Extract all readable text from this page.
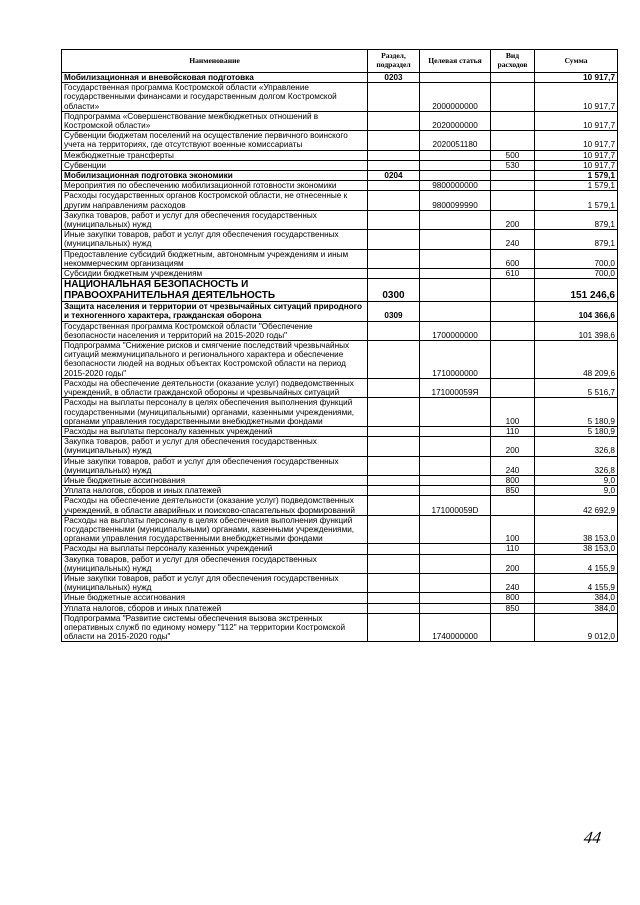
Наименование	Раздел, подраздел	Целевая статья	Вид расходов	Сумма
Мобилизационная и вневойсковая подготовка	0203			10 917,7
Государственная программа Костромской области «Управление государственными финансами и государственным долгом Костромской области»		2000000000		10 917,7
Подпрограмма «Совершенствование межбюджетных отношений в Костромской области»		2020000000		10 917,7
Субвенции бюджетам поселений на осуществление первичного воинского учета на территориях, где отсутствуют военные комиссариаты		2020051180		10 917,7
Межбюджетные трансферты			500	10 917,7
Субвенции			530	10 917,7
Мобилизационная подготовка экономики	0204			1 579,1
Мероприятия по обеспечению мобилизационной готовности экономики		9800000000		1 579,1
Расходы государственных органов Костромской области, не отнесенные к другим направлениям расходов		9800099990		1 579,1
Закупка товаров, работ и услуг для обеспечения государственных (муниципальных) нужд			200	879,1
Иные закупки товаров, работ и услуг для обеспечения государственных (муниципальных) нужд			240	879,1
Предоставление субсидий бюджетным, автономным учреждениям и иным некоммерческим организациям			600	700,0
Субсидии бюджетным учреждениям			610	700,0
НАЦИОНАЛЬНАЯ БЕЗОПАСНОСТЬ И ПРАВООХРАНИТЕЛЬНАЯ ДЕЯТЕЛЬНОСТЬ	0300			151 246,6
Защита населения и территории от чрезвычайных ситуаций природного и техногенного характера, гражданская оборона	0309			104 366,6
Государственная программа Костромской области "Обеспечение безопасности населения и территорий на 2015-2020 годы"		1700000000		101 398,6
Подпрограмма "Снижение рисков и смягчение последствий чрезвычайных ситуаций межмуниципального и регионального характера и обеспечение безопасности людей на водных объектах Костромской области на период 2015-2020 годы"		1710000000		48 209,6
Расходы на обеспечение деятельности (оказание услуг) подведомственных учреждений, в области гражданской обороны и чрезвычайных ситуаций		171000059Я		5 516,7
Расходы на выплаты персоналу в целях обеспечения выполнения функций государственными (муниципальными) органами, казенными учреждениями, органами управления государственными внебюджетными фондами			100	5 180,9
Расходы на выплаты персоналу казенных учреждений			110	5 180,9
Закупка товаров, работ и услуг для обеспечения государственных (муниципальных) нужд			200	326,8
Иные закупки товаров, работ и услуг для обеспечения государственных (муниципальных) нужд			240	326,8
Иные бюджетные ассигнования			800	9,0
Уплата налогов, сборов и иных платежей			850	9,0
Расходы на обеспечение деятельности (оказание услуг) подведомственных учреждений, в области аварийных и поисково-спасательных формирований		171000059D		42 692,9
Расходы на выплаты персоналу в целях обеспечения выполнения функций государственными (муниципальными) органами, казенными учреждениями, органами управления государственными внебюджетными фондами			100	38 153,0
Расходы на выплаты персоналу казенных учреждений			110	38 153,0
Закупка товаров, работ и услуг для обеспечения государственных (муниципальных) нужд			200	4 155,9
Иные закупки товаров, работ и услуг для обеспечения государственных (муниципальных) нужд			240	4 155,9
Иные бюджетные ассигнования			800	384,0
Уплата налогов, сборов и иных платежей			850	384,0
Подпрограмма "Развитие системы обеспечения вызова экстренных оперативных служб по единому номеру "112" на территории Костромской области на 2015-2020 годы"		1740000000		9 012,0
44
